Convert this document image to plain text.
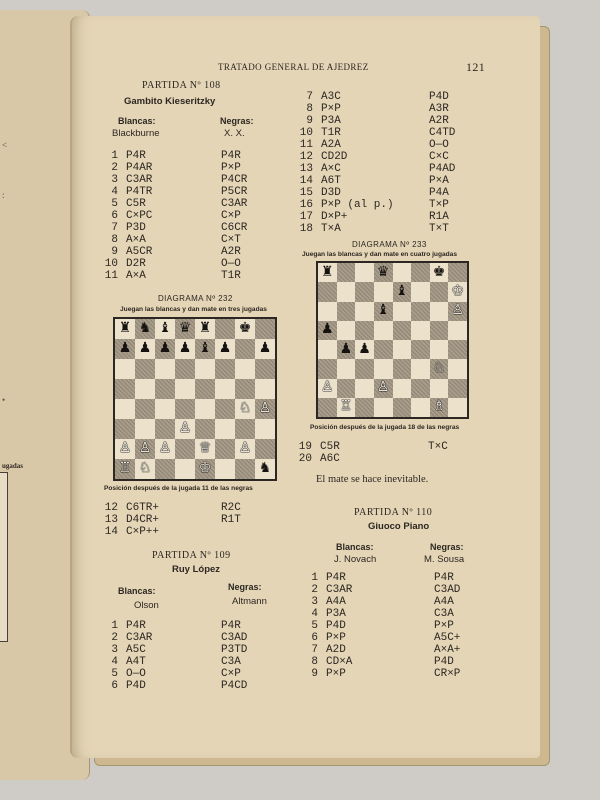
<
:
•
ugadas
TRATADO GENERAL DE AJEDREZ	121
PARTIDA Nº 108
Gambito Kieseritzky
Blancas:	Negras:
Blackburne	X. X.
1 P4R	P4R
2 P4AR	P×P
3 C3AR	P4CR
4 P4TR	P5CR
5 C5R	C3AR
6 C×PC	C×P
7 P3D	C6CR
8 A×A	C×T
9 A5CR	A2R
10 D2R	O—O
11 A×A	T1R
7 A3C	P4D
8 P×P	A3R
9 P3A	A2R
10 T1R	C4TD
11 A2A	O—O
12 CD2D	C×C
13 A×C	P4AD
14 A6T	P×A
15 D3D	P4A
16 P×P (al p.)	T×P
17 D×P+	R1A
18 T×A	T×T
DIAGRAMA Nº 232
Juegan las blancas y dan mate en tres jugadas
♜ ♞ ♝ ♛ ♜ ♚
♟ ♟ ♟ ♟ ♝ ♟ ♟
♘ ♙
♙
♙ ♙ ♙ ♕ ♙
♖ ♘	♔	♞
Posición después de la jugada 11 de las negras
12 C6TR+	R2C
13 D4CR+	R1T
14 C×P++
DIAGRAMA Nº 233
Juegan las blancas y dan mate en cuatro jugadas
♜	♛	♚
♝	♔
♝	♙
♟
♟ ♟
♘
♙	♙
♖	♗
Posición después de la jugada 18 de las negras
19 C5R	T×C
20 A6C
El mate se hace inevitable.
PARTIDA Nº 109
Ruy López
Blancas:	Negras:
Olson	Altmann
1 P4R	P4R
2 C3AR	C3AD
3 A5C	P3TD
4 A4T	C3A
5 O—O	C×P
6 P4D	P4CD
PARTIDA Nº 110
Giuoco Piano
Blancas:	Negras:
J. Novach	M. Sousa
1 P4R	P4R
2 C3AR	C3AD
3 A4A	A4A
4 P3A	C3A
5 P4D	P×P
6 P×P	A5C+
7 A2D	A×A+
8 CD×A	P4D
9 P×P	CR×P
